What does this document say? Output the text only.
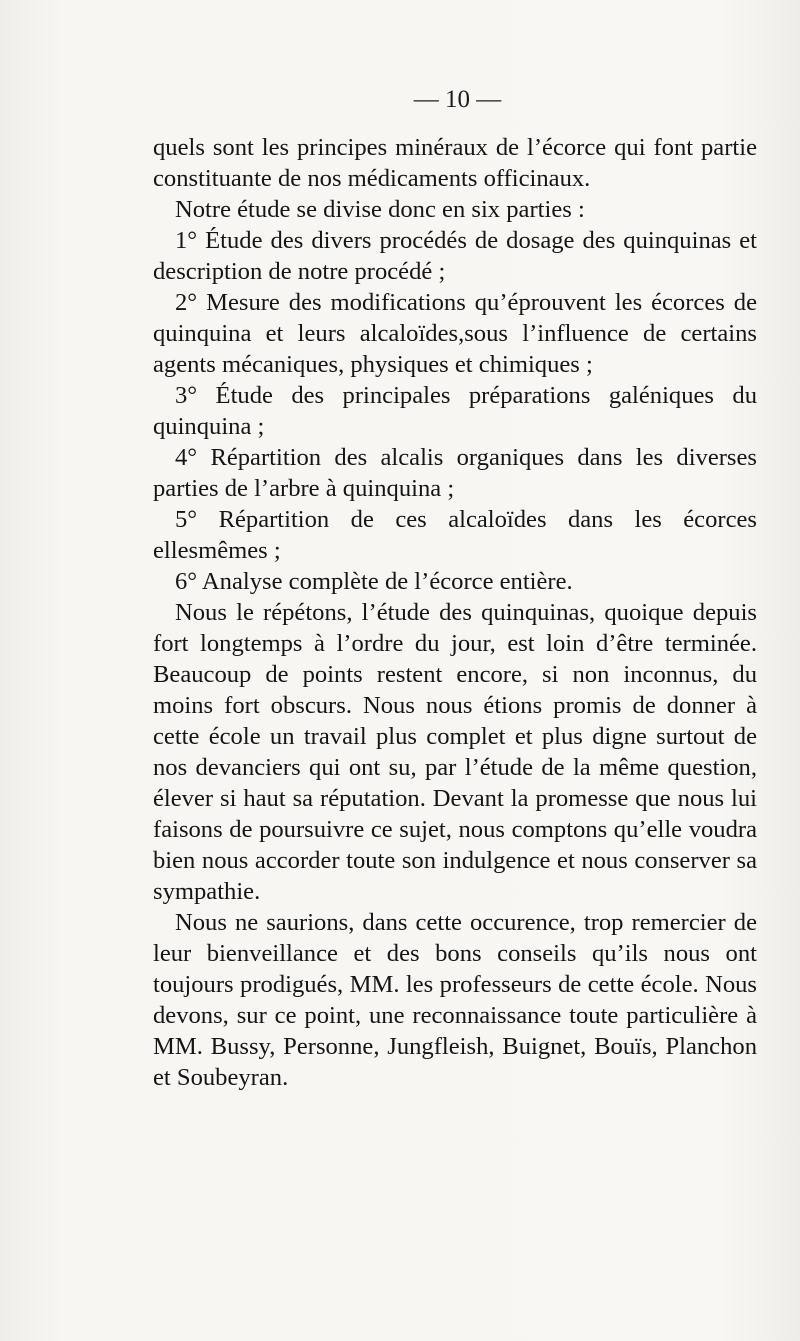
— 10 —

quels sont les principes minéraux de l’écorce qui font partie constituante de nos médicaments officinaux.

Notre étude se divise donc en six parties :

1° Étude des divers procédés de dosage des quinquinas et description de notre procédé ;

2° Mesure des modifications qu’éprouvent les écorces de quinquina et leurs alcaloïdes,sous l’influence de certains agents mécaniques, physiques et chimiques ;

3° Étude des principales préparations galéniques du quinquina ;

4° Répartition des alcalis organiques dans les diverses parties de l’arbre à quinquina ;

5° Répartition de ces alcaloïdes dans les écorces ellesmêmes ;

6° Analyse complète de l’écorce entière.

Nous le répétons, l’étude des quinquinas, quoique depuis fort longtemps à l’ordre du jour, est loin d’être terminée. Beaucoup de points restent encore, si non inconnus, du moins fort obscurs. Nous nous étions promis de donner à cette école un travail plus complet et plus digne surtout de nos devanciers qui ont su, par l’étude de la même question, élever si haut sa réputation. Devant la promesse que nous lui faisons de poursuivre ce sujet, nous comptons qu’elle voudra bien nous accorder toute son indulgence et nous conserver sa sympathie.

Nous ne saurions, dans cette occurence, trop remercier de leur bienveillance et des bons conseils qu’ils nous ont toujours prodigués, MM. les professeurs de cette école. Nous devons, sur ce point, une reconnaissance toute particulière à MM. Bussy, Personne, Jungfleish, Buignet, Bouïs, Planchon et Soubeyran.
